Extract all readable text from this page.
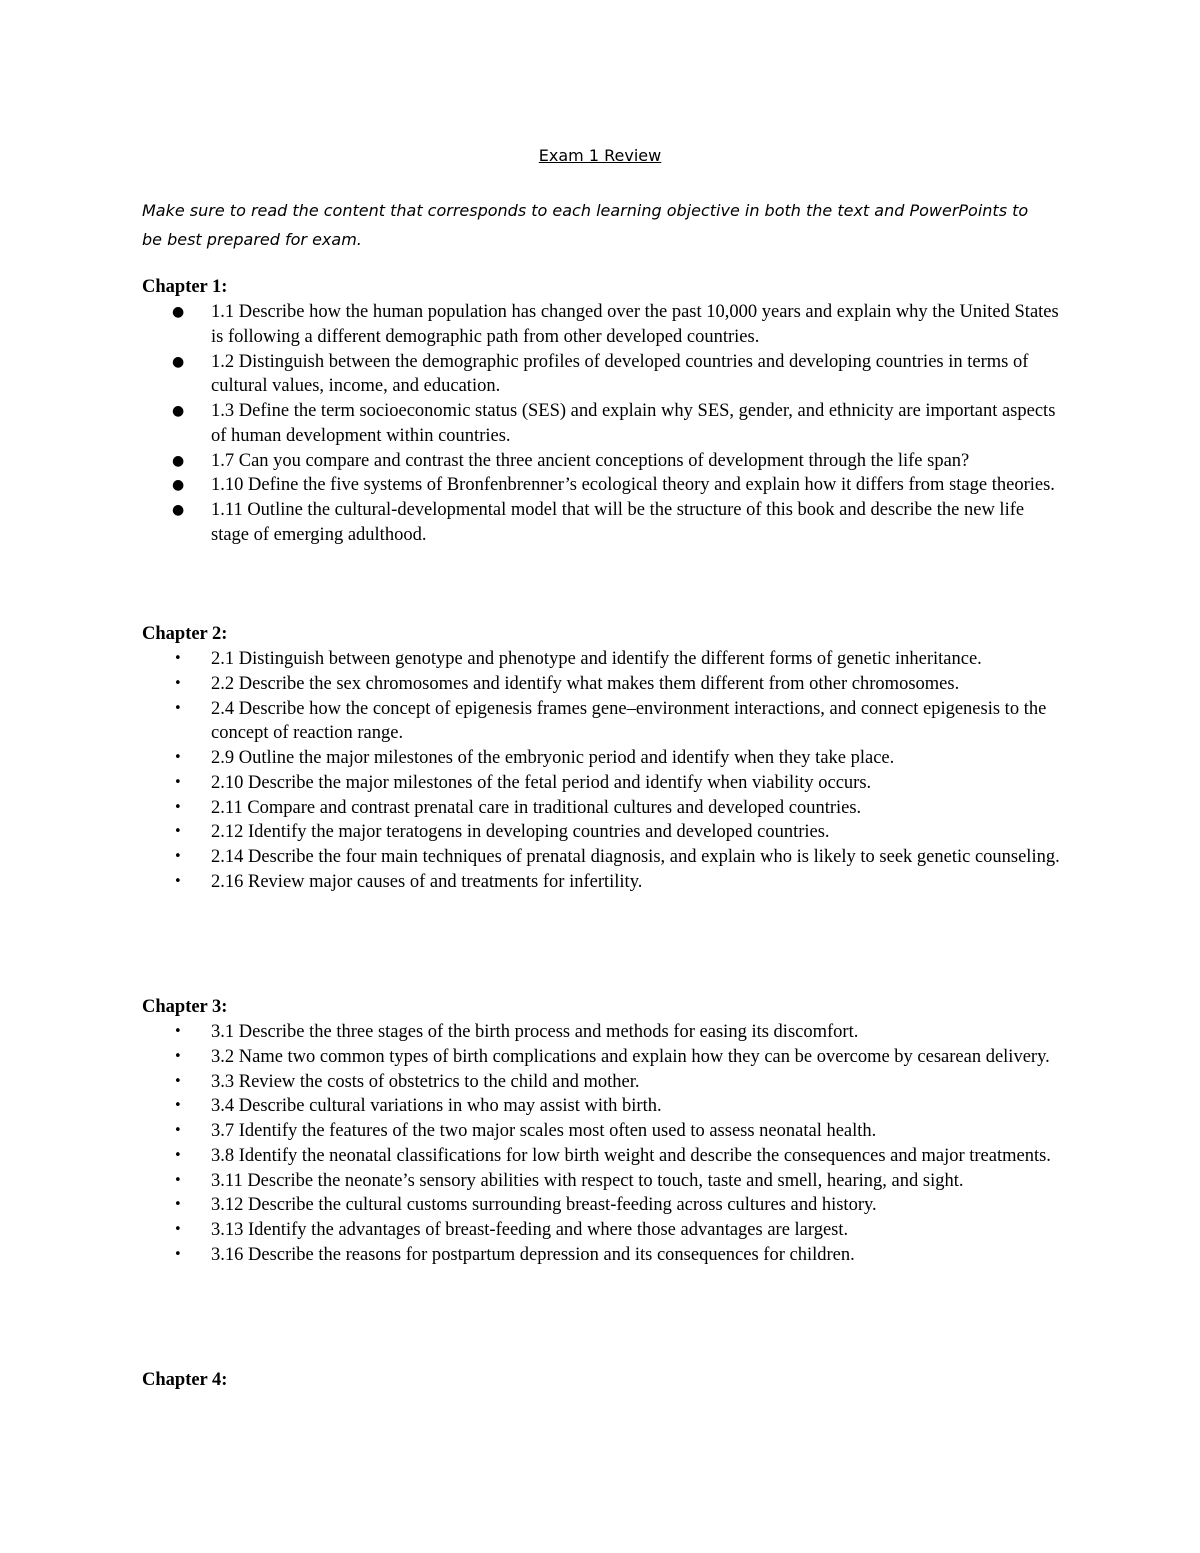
Exam 1 Review
Make sure to read the content that corresponds to each learning objective in both the text and PowerPoints to be best prepared for exam.
Chapter 1:
● 1.1 Describe how the human population has changed over the past 10,000 years and explain why the United States is following a different demographic path from other developed countries.
● 1.2 Distinguish between the demographic profiles of developed countries and developing countries in terms of cultural values, income, and education.
● 1.3 Define the term socioeconomic status (SES) and explain why SES, gender, and ethnicity are important aspects of human development within countries.
● 1.7 Can you compare and contrast the three ancient conceptions of development through the life span?
● 1.10 Define the five systems of Bronfenbrenner’s ecological theory and explain how it differs from stage theories.
● 1.11 Outline the cultural-developmental model that will be the structure of this book and describe the new life stage of emerging adulthood.
Chapter 2:
• 2.1 Distinguish between genotype and phenotype and identify the different forms of genetic inheritance.
• 2.2 Describe the sex chromosomes and identify what makes them different from other chromosomes.
• 2.4 Describe how the concept of epigenesis frames gene–environment interactions, and connect epigenesis to the concept of reaction range.
• 2.9 Outline the major milestones of the embryonic period and identify when they take place.
• 2.10 Describe the major milestones of the fetal period and identify when viability occurs.
• 2.11 Compare and contrast prenatal care in traditional cultures and developed countries.
• 2.12 Identify the major teratogens in developing countries and developed countries.
• 2.14 Describe the four main techniques of prenatal diagnosis, and explain who is likely to seek genetic counseling.
• 2.16 Review major causes of and treatments for infertility.
Chapter 3:
• 3.1 Describe the three stages of the birth process and methods for easing its discomfort.
• 3.2 Name two common types of birth complications and explain how they can be overcome by cesarean delivery.
• 3.3 Review the costs of obstetrics to the child and mother.
• 3.4 Describe cultural variations in who may assist with birth.
• 3.7 Identify the features of the two major scales most often used to assess neonatal health.
• 3.8 Identify the neonatal classifications for low birth weight and describe the consequences and major treatments.
• 3.11 Describe the neonate’s sensory abilities with respect to touch, taste and smell, hearing, and sight.
• 3.12 Describe the cultural customs surrounding breast-feeding across cultures and history.
• 3.13 Identify the advantages of breast-feeding and where those advantages are largest.
• 3.16 Describe the reasons for postpartum depression and its consequences for children.
Chapter 4:
